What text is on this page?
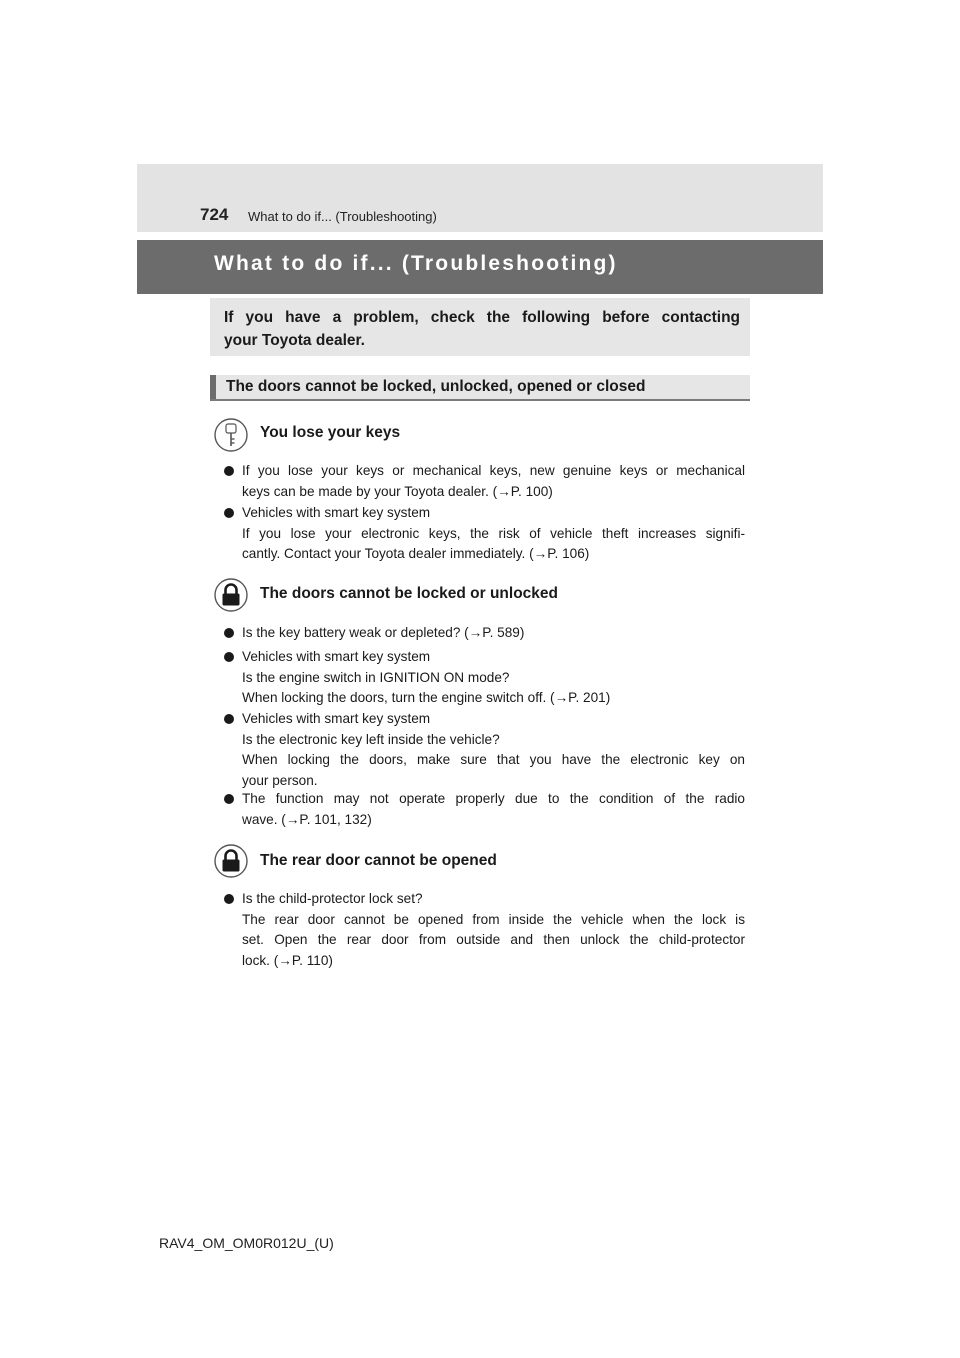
724 What to do if... (Troubleshooting)
What to do if... (Troubleshooting)
If you have a problem, check the following before contacting
your Toyota dealer.
The doors cannot be locked, unlocked, opened or closed
You lose your keys
If you lose your keys or mechanical keys, new genuine keys or mechanical
keys can be made by your Toyota dealer. (→P. 100)
Vehicles with smart key system
If you lose your electronic keys, the risk of vehicle theft increases signifi-
cantly. Contact your Toyota dealer immediately. (→P. 106)
The doors cannot be locked or unlocked
Is the key battery weak or depleted? (→P. 589)
Vehicles with smart key system
Is the engine switch in IGNITION ON mode?
When locking the doors, turn the engine switch off. (→P. 201)
Vehicles with smart key system
Is the electronic key left inside the vehicle?
When locking the doors, make sure that you have the electronic key on
your person.
The function may not operate properly due to the condition of the radio
wave. (→P. 101, 132)
The rear door cannot be opened
Is the child-protector lock set?
The rear door cannot be opened from inside the vehicle when the lock is
set. Open the rear door from outside and then unlock the child-protector
lock. (→P. 110)
RAV4_OM_OM0R012U_(U)
